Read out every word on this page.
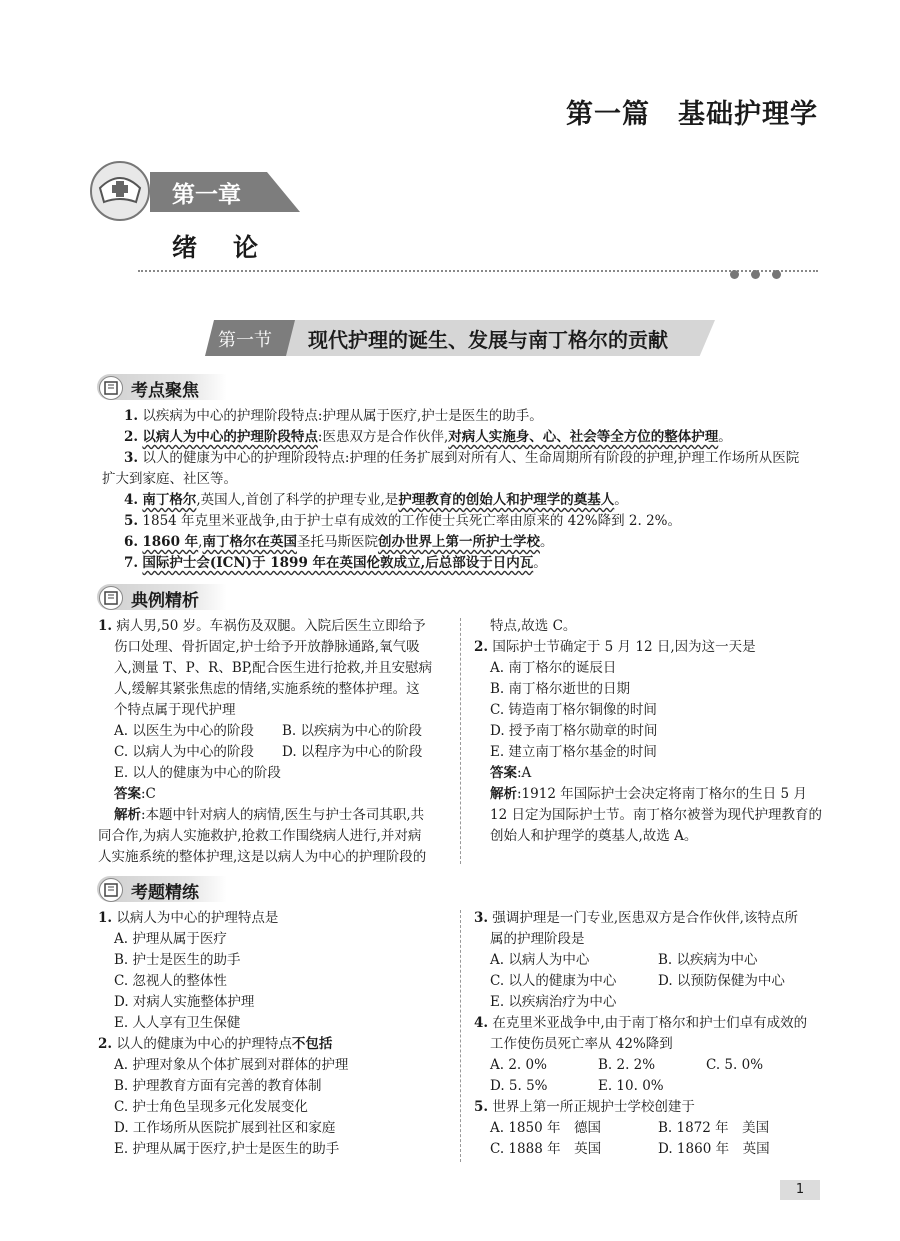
第一篇　基础护理学
第一章
绪论
第一节 现代护理的诞生、发展与南丁格尔的贡献
考点聚焦
1. 以疾病为中心的护理阶段特点:护理从属于医疗,护士是医生的助手。
2. 以病人为中心的护理阶段特点:医患双方是合作伙伴,对病人实施身、心、社会等全方位的整体护理。
3. 以人的健康为中心的护理阶段特点:护理的任务扩展到对所有人、生命周期所有阶段的护理,护理工作场所从医院
扩大到家庭、社区等。
4. 南丁格尔,英国人,首创了科学的护理专业,是护理教育的创始人和护理学的奠基人。
5. 1854 年克里米亚战争,由于护士卓有成效的工作使士兵死亡率由原来的 42%降到 2. 2%。
6. 1860 年,南丁格尔在英国圣托马斯医院创办世界上第一所护士学校。
7. 国际护士会(ICN)于 1899 年在英国伦敦成立,后总部设于日内瓦。
典例精析
1. 病人男,50 岁。车祸伤及双腿。入院后医生立即给予
伤口处理、骨折固定,护士给予开放静脉通路,氧气吸
入,测量 T、P、R、BP,配合医生进行抢救,并且安慰病
人,缓解其紧张焦虑的情绪,实施系统的整体护理。这
个特点属于现代护理
A. 以医生为中心的阶段 B. 以疾病为中心的阶段
C. 以病人为中心的阶段 D. 以程序为中心的阶段
E. 以人的健康为中心的阶段
答案:C
解析:本题中针对病人的病情,医生与护士各司其职,共
同合作,为病人实施救护,抢救工作围绕病人进行,并对病
人实施系统的整体护理,这是以病人为中心的护理阶段的
特点,故选 C。
2. 国际护士节确定于 5 月 12 日,因为这一天是
A. 南丁格尔的诞辰日
B. 南丁格尔逝世的日期
C. 铸造南丁格尔铜像的时间
D. 授予南丁格尔勋章的时间
E. 建立南丁格尔基金的时间
答案:A
解析:1912 年国际护士会决定将南丁格尔的生日 5 月
12 日定为国际护士节。南丁格尔被誉为现代护理教育的
创始人和护理学的奠基人,故选 A。
考题精练
1. 以病人为中心的护理特点是
A. 护理从属于医疗
B. 护士是医生的助手
C. 忽视人的整体性
D. 对病人实施整体护理
E. 人人享有卫生保健
2. 以人的健康为中心的护理特点不包括
A. 护理对象从个体扩展到对群体的护理
B. 护理教育方面有完善的教育体制
C. 护士角色呈现多元化发展变化
D. 工作场所从医院扩展到社区和家庭
E. 护理从属于医疗,护士是医生的助手
3. 强调护理是一门专业,医患双方是合作伙伴,该特点所
属的护理阶段是
A. 以病人为中心	B. 以疾病为中心
C. 以人的健康为中心	D. 以预防保健为中心
E. 以疾病治疗为中心
4. 在克里米亚战争中,由于南丁格尔和护士们卓有成效的
工作使伤员死亡率从 42%降到
A. 2. 0%	B. 2. 2%	C. 5. 0%
D. 5. 5%	E. 10. 0%
5. 世界上第一所正规护士学校创建于
A. 1850 年　德国	B. 1872 年　美国
C. 1888 年　英国	D. 1860 年　英国
1
